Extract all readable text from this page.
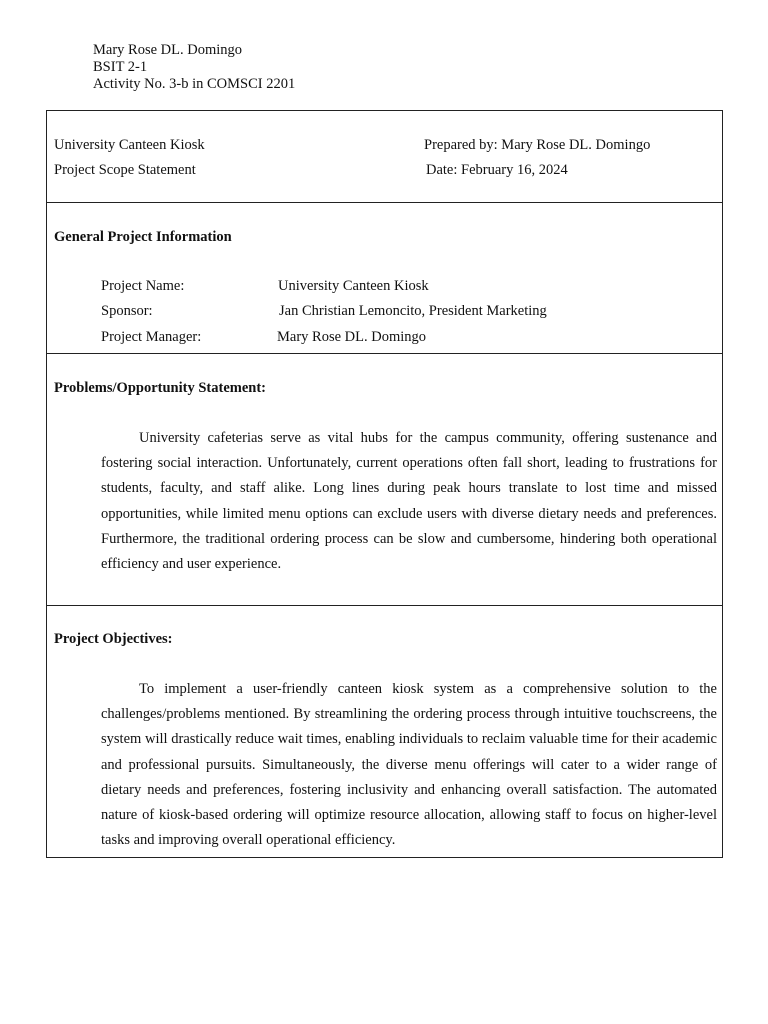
Mary Rose DL. Domingo
BSIT 2-1
Activity No. 3-b in COMSCI 2201
University Canteen Kiosk
Project Scope Statement
Prepared by: Mary Rose DL. Domingo
Date: February 16, 2024
General Project Information
Project Name:	University Canteen Kiosk
Sponsor:	Jan Christian Lemoncito, President Marketing
Project Manager:	Mary Rose DL. Domingo
Problems/Opportunity Statement:
University cafeterias serve as vital hubs for the campus community, offering sustenance and fostering social interaction. Unfortunately, current operations often fall short, leading to frustrations for students, faculty, and staff alike. Long lines during peak hours translate to lost time and missed opportunities, while limited menu options can exclude users with diverse dietary needs and preferences. Furthermore, the traditional ordering process can be slow and cumbersome, hindering both operational efficiency and user experience.
Project Objectives:
To implement a user-friendly canteen kiosk system as a comprehensive solution to the challenges/problems mentioned. By streamlining the ordering process through intuitive touchscreens, the system will drastically reduce wait times, enabling individuals to reclaim valuable time for their academic and professional pursuits. Simultaneously, the diverse menu offerings will cater to a wider range of dietary needs and preferences, fostering inclusivity and enhancing overall satisfaction. The automated nature of kiosk-based ordering will optimize resource allocation, allowing staff to focus on higher-level tasks and improving overall operational efficiency.
